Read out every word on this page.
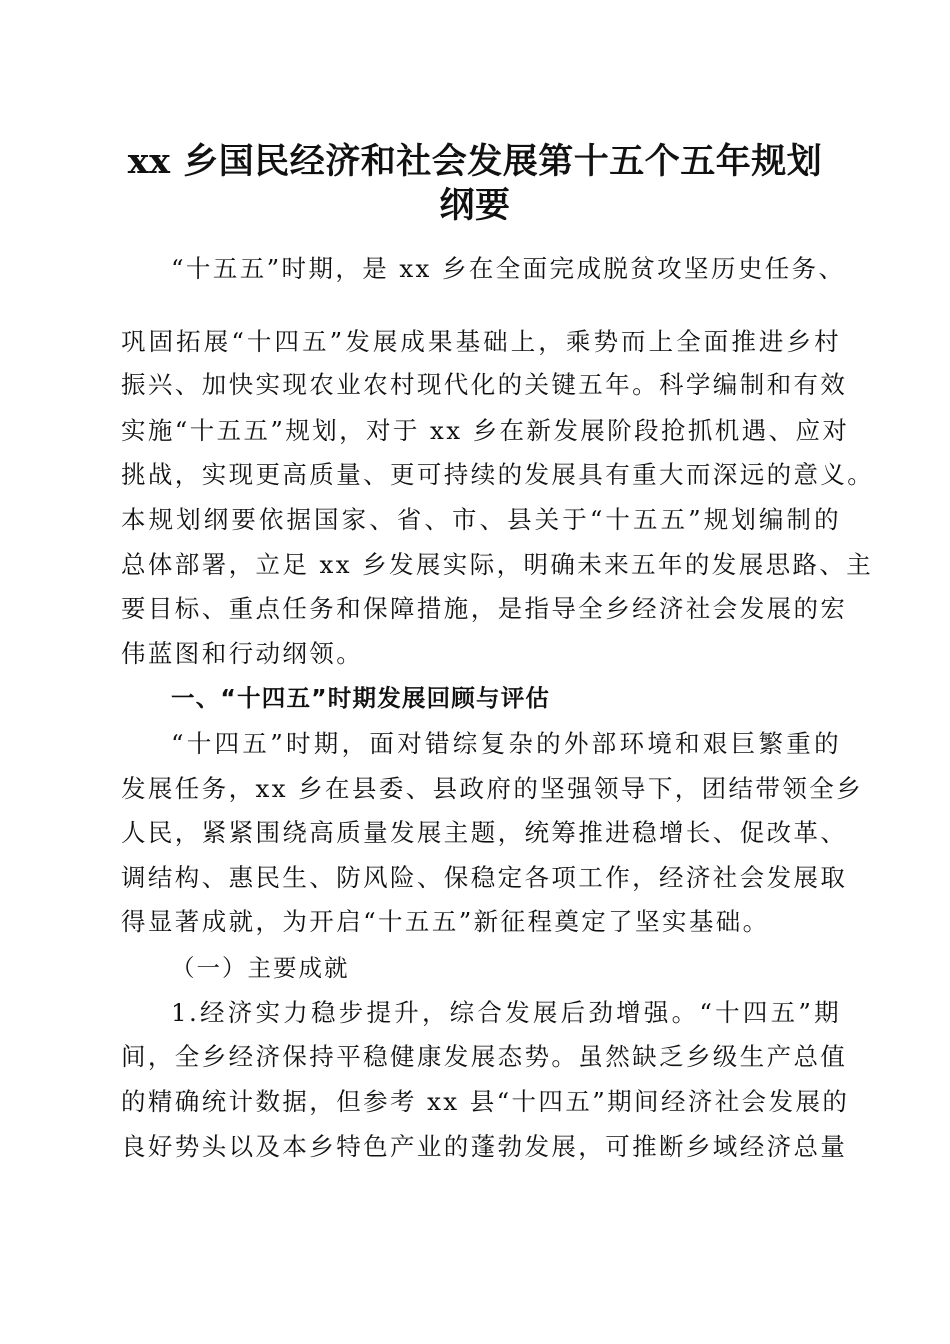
xx 乡国民经济和社会发展第十五个五年规划
纲要
“十五五”时期，是 xx 乡在全面完成脱贫攻坚历史任务、
巩固拓展“十四五”发展成果基础上，乘势而上全面推进乡村
振兴、加快实现农业农村现代化的关键五年。科学编制和有效
实施“十五五”规划，对于 xx 乡在新发展阶段抢抓机遇、应对
挑战，实现更高质量、更可持续的发展具有重大而深远的意义。
本规划纲要依据国家、省、市、县关于“十五五”规划编制的
总体部署，立足 xx 乡发展实际，明确未来五年的发展思路、主
要目标、重点任务和保障措施，是指导全乡经济社会发展的宏
伟蓝图和行动纲领。
一、“十四五”时期发展回顾与评估
“十四五”时期，面对错综复杂的外部环境和艰巨繁重的
发展任务，xx 乡在县委、县政府的坚强领导下，团结带领全乡
人民，紧紧围绕高质量发展主题，统筹推进稳增长、促改革、
调结构、惠民生、防风险、保稳定各项工作，经济社会发展取
得显著成就，为开启“十五五”新征程奠定了坚实基础。
（一）主要成就
1.经济实力稳步提升，综合发展后劲增强。“十四五”期
间，全乡经济保持平稳健康发展态势。虽然缺乏乡级生产总值
的精确统计数据，但参考 xx 县“十四五”期间经济社会发展的
良好势头以及本乡特色产业的蓬勃发展，可推断乡域经济总量
